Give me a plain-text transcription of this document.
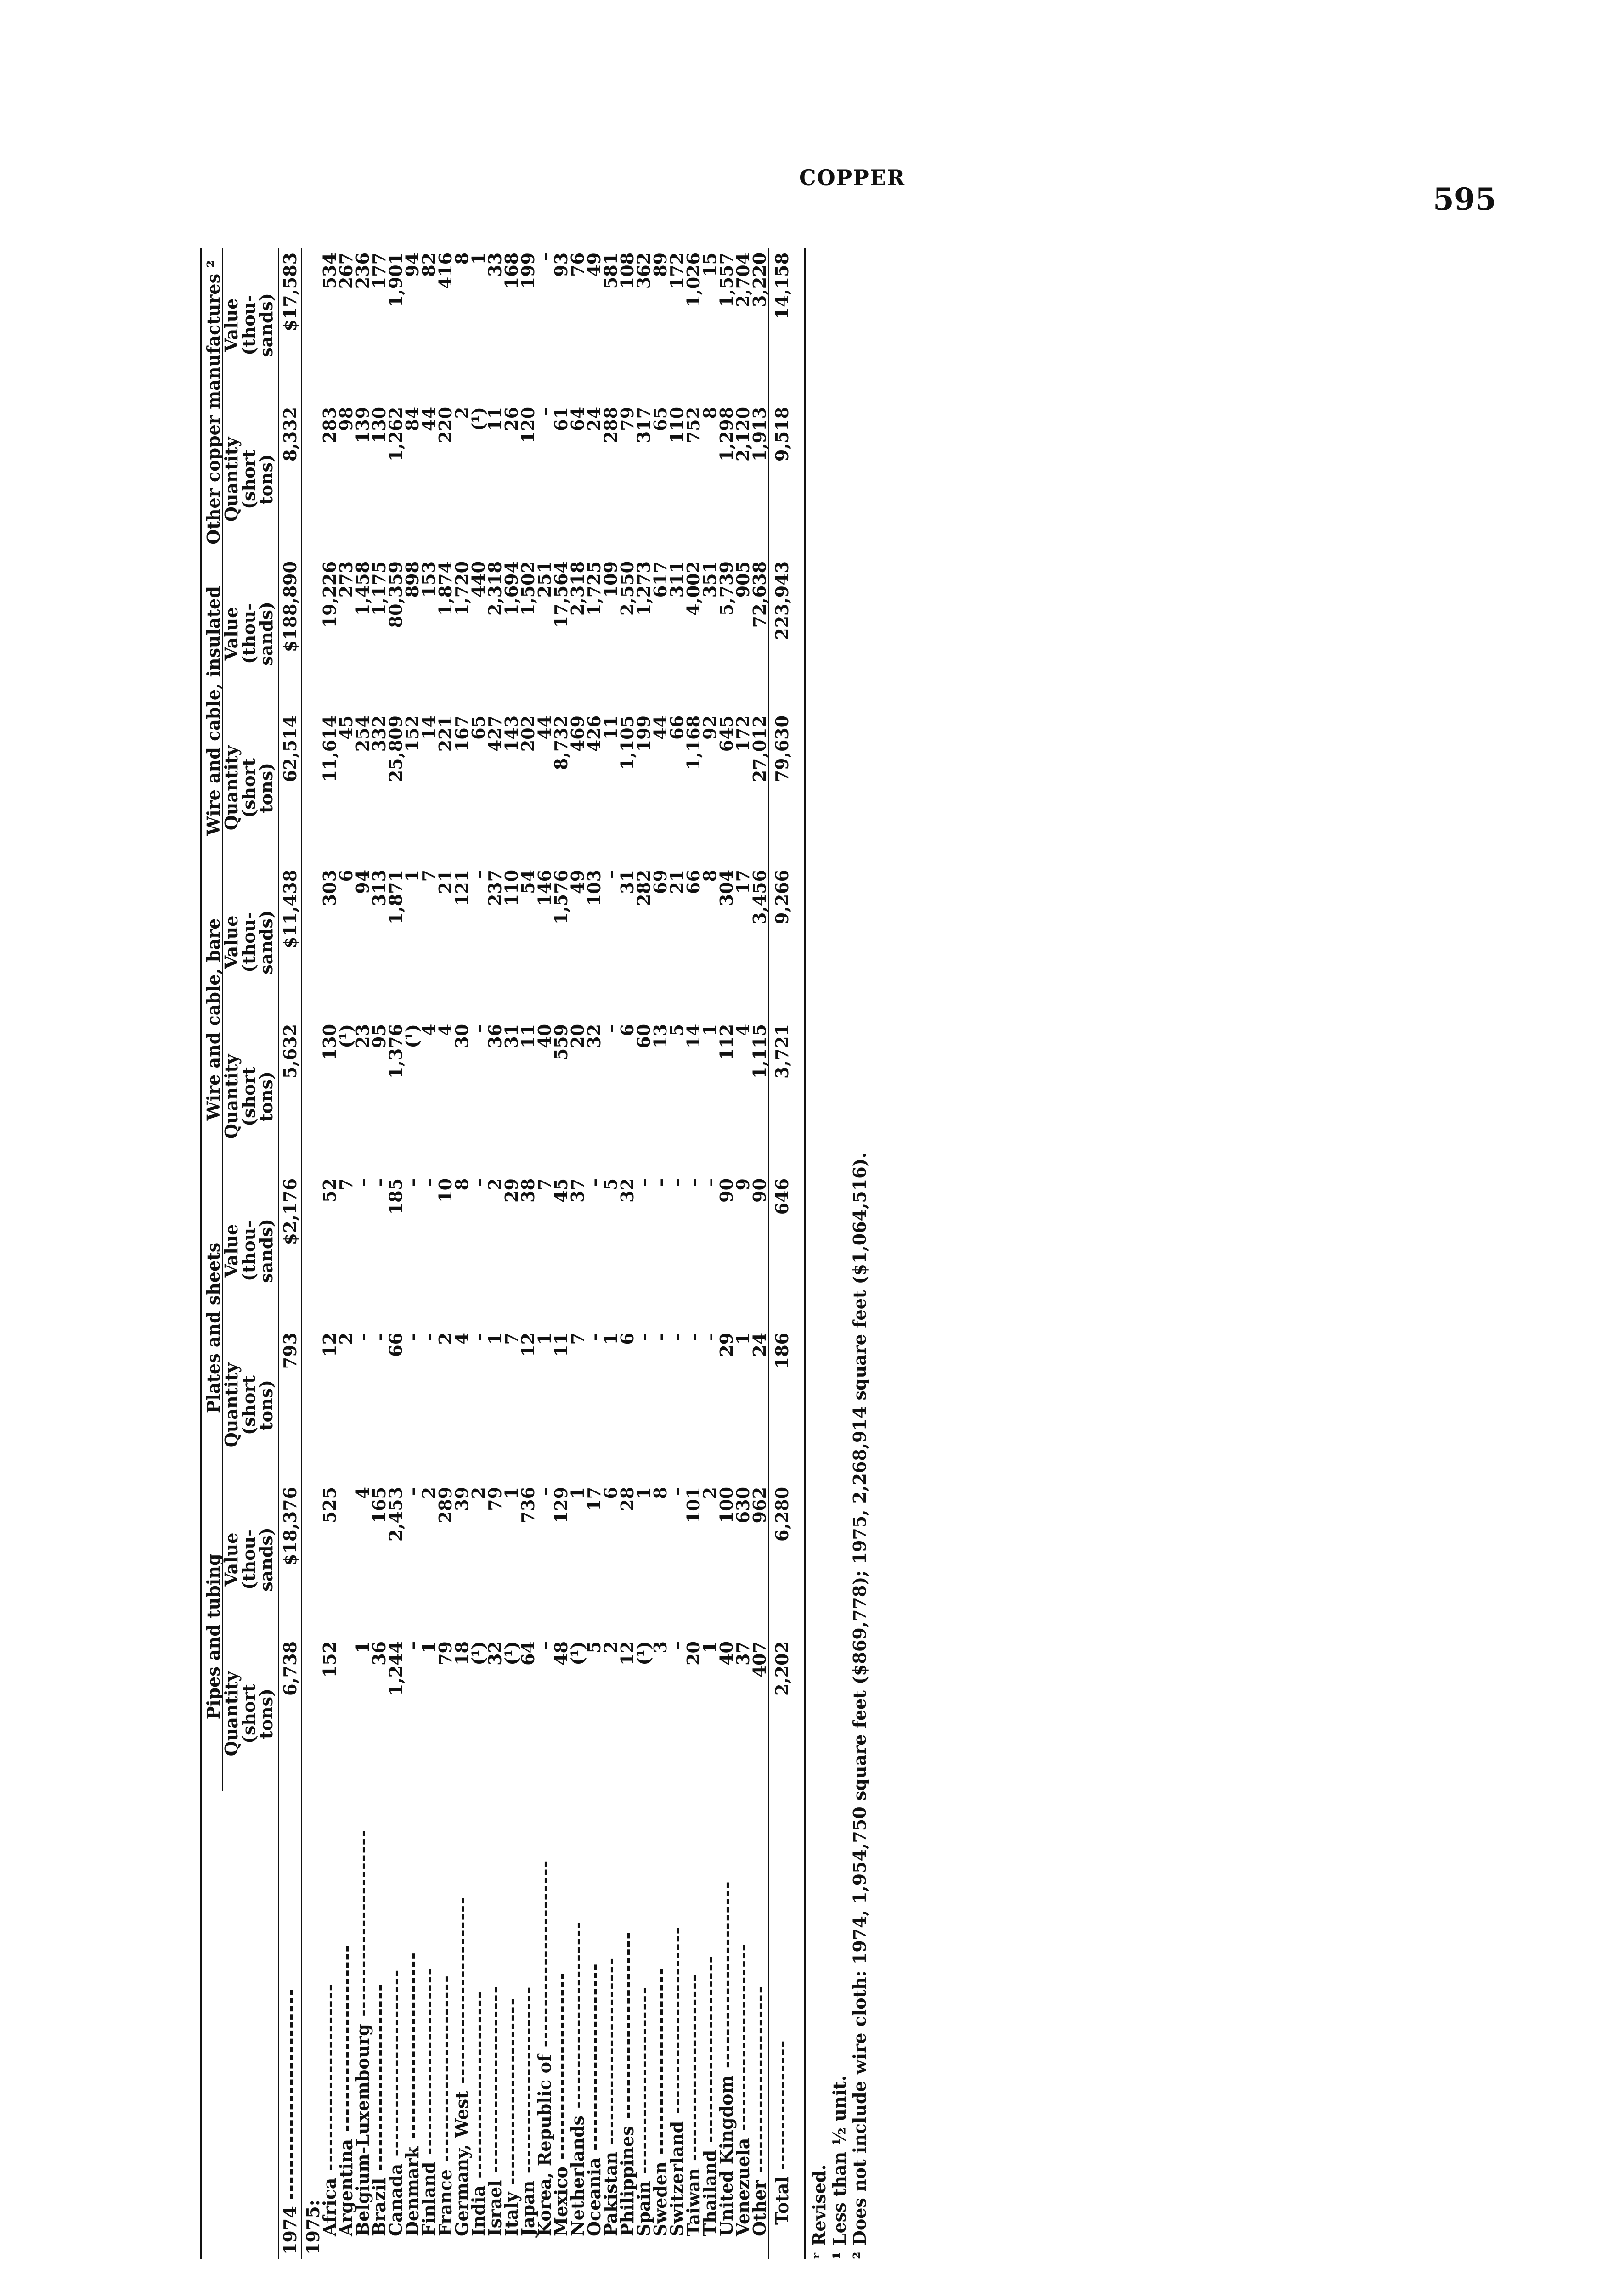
COPPER
595
	Pipes and tubing		Plates and sheets		Wire and cable, bare		Wire and cable, insulated		Other copper manufactures ²	
	Quantity
(short
tons)	Value
(thou-
sands)	Quantity
(short
tons)	Value
(thou-
sands)	Quantity
(short
tons)	Value
(thou-
sands)	Quantity
(short
tons)	Value
(thou-
sands)	Quantity
(short
tons)	Value
(thou-
sands)
1974 --------------------------	6,738	$18,376	793	$2,176	5,632	$11,438	62,514	$188,890	8,332	$17,583
1975:										
Africa -----------------------	152	525	12	52	130	303	11,614	19,226	283	534
Argentina -----------------------			2	7	(¹)	6	45	273	98	267
Belgium-Luxembourg -----------------------	1	4	–	–	23	94	254	1,458	139	236
Brazil -----------------------	36	165	–	–	95	313	332	1,175	130	177
Canada -----------------------	1,244	2,453	66	185	1,376	1,871	25,809	80,359	1,262	1,901
Denmark -----------------------	–	–	–	–	(¹)	1	152	898	84	94
Finland -----------------------	1	2	–	–	4	7	14	153	44	82
France -----------------------	79	289	2	10	4	21	221	1,874	220	416
Germany, West -----------------------	18	39	4	8	30	121	167	1,720	2	8
India -----------------------	(¹)	2	–	–	–	–	65	440	(¹)	1
Israel -----------------------	32	79	1	2	36	237	427	2,318	11	33
Italy -----------------------	(¹)	1	7	29	31	110	143	1,694	26	168
Japan -----------------------	64	736	12	38	11	54	202	1,502	120	199
Korea, Republic of -----------------------	–	–	1	7	40	146	44	251	–	–
Mexico -----------------------	48	129	11	45	559	1,576	8,732	17,564	61	93
Netherlands -----------------------	(¹)	1	7	37	20	49	469	2,318	64	76
Oceania -----------------------	5	17	–	–	32	103	426	1,725	24	49
Pakistan -----------------------	2	6	1	5	–	–	11	109	288	581
Philippines -----------------------	12	28	6	32	6	31	1,105	2,550	79	108
Spain -----------------------	(¹)	1	–	–	60	282	199	1,273	317	362
Sweden -----------------------	3	8	–	–	13	69	44	617	65	89
Switzerland -----------------------	–	–	–	–	5	21	66	311	110	172
Taiwan -----------------------	20	101	–	–	14	66	1,168	4,002	752	1,026
Thailand -----------------------	1	2	–	–	1	8	92	351	8	15
United Kingdom -----------------------	40	100	29	90	112	304	645	5,739	1,298	1,557
Venezuela -----------------------	37	630	1	9	4	17	172	905	2,120	2,704
Other -----------------------	407	962	24	90	1,115	3,456	27,012	72,638	1,913	3,220
Total ----------------	2,202	6,280	186	646	3,721	9,266	79,630	223,943	9,518	14,158
ʳ Revised. ¹ Less than ½ unit. ² Does not include wire cloth: 1974, 1,954,750 square feet ($869,778); 1975, 2,268,914 square feet ($1,064,516).
